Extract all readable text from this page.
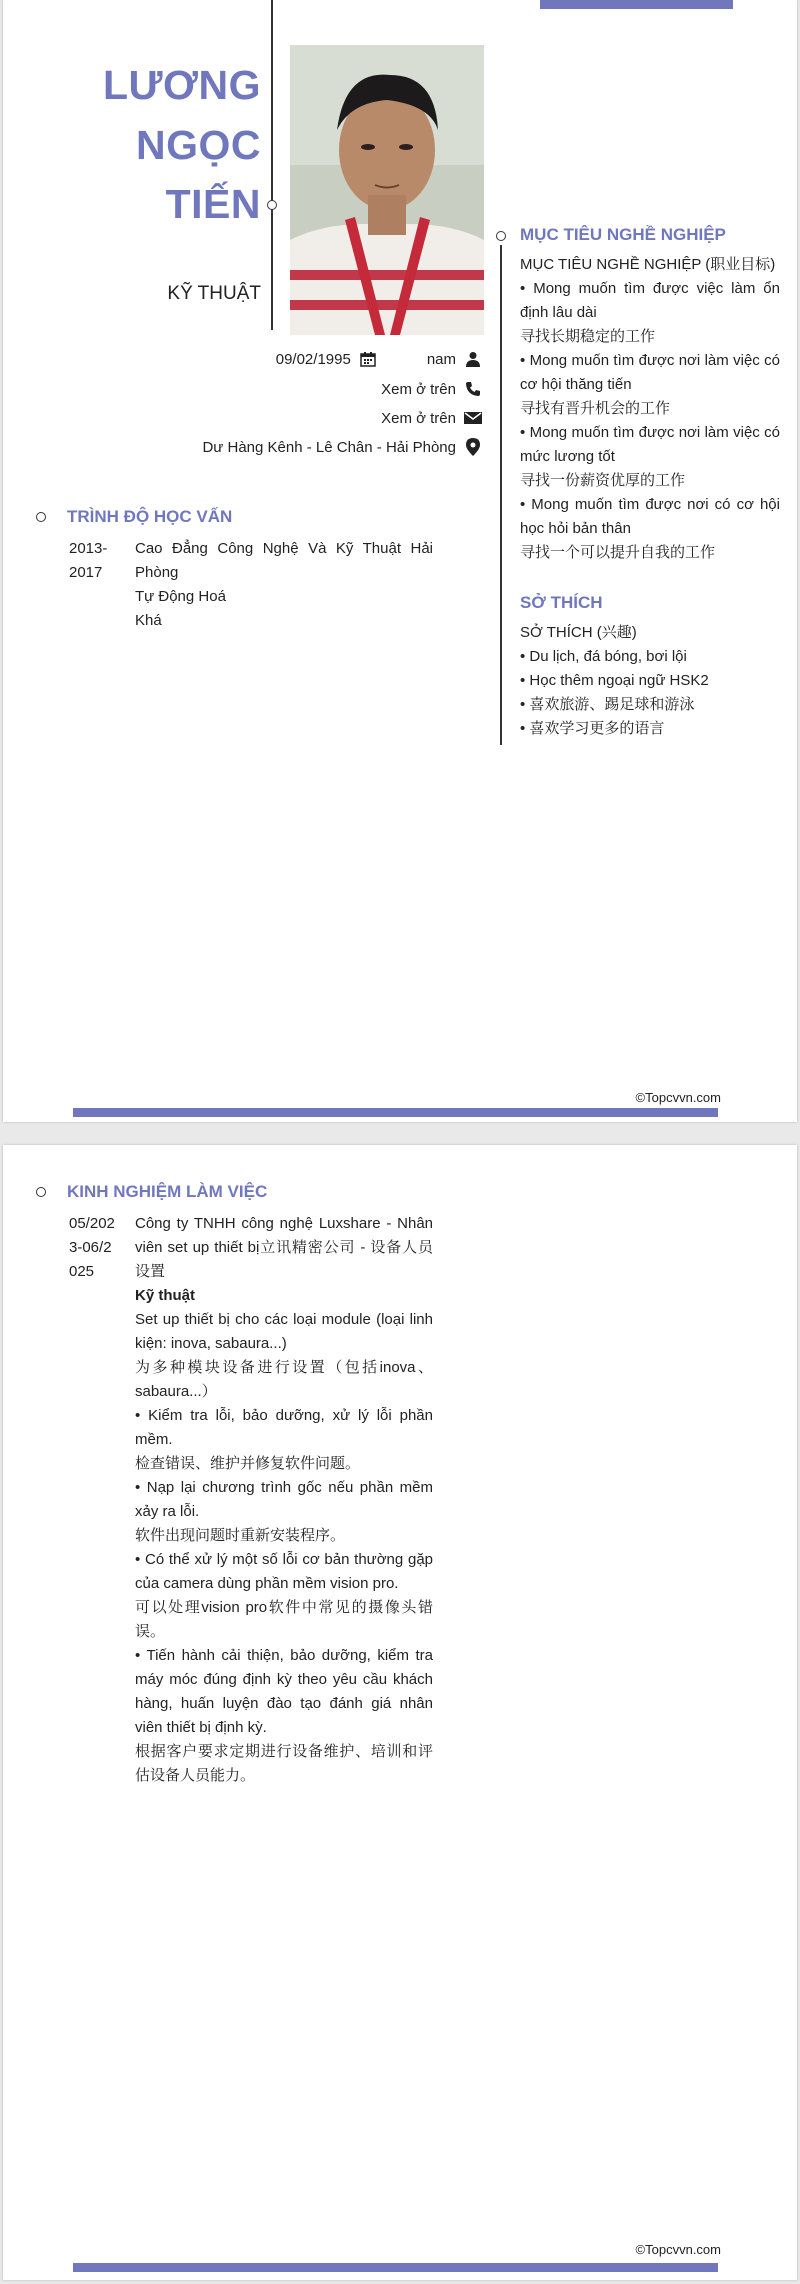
LƯƠNG
NGỌC
TIẾN
KỸ THUẬT
09/02/1995	nam
Xem ở trên
Xem ở trên
Dư Hàng Kênh - Lê Chân - Hải Phòng
TRÌNH ĐỘ HỌC VẤN
2013-2017
Cao Đẳng Công Nghệ Và Kỹ Thuật Hải Phòng
Tự Động Hoá
Khá
MỤC TIÊU NGHỀ NGHIỆP
MỤC TIÊU NGHỀ NGHIỆP (职业目标)
• Mong muốn tìm được việc làm ổn định lâu dài
寻找长期稳定的工作
• Mong muốn tìm được nơi làm việc có cơ hội thăng tiến
寻找有晋升机会的工作
• Mong muốn tìm được nơi làm việc có mức lương tốt
寻找一份薪资优厚的工作
• Mong muốn tìm được nơi có cơ hội học hỏi bản thân
寻找一个可以提升自我的工作
SỞ THÍCH
SỞ THÍCH (兴趣)
• Du lịch, đá bóng, bơi lội
• Học thêm ngoại ngữ HSK2
• 喜欢旅游、踢足球和游泳
• 喜欢学习更多的语言
©Topcvvn.com
KINH NGHIỆM LÀM VIỆC
05/2023-06/2025
Công ty TNHH công nghệ Luxshare - Nhân viên set up thiết bị立讯精密公司 - 设备人员设置
Kỹ thuật
Set up thiết bị cho các loại module (loại linh kiện: inova, sabaura...)
为多种模块设备进行设置（包括inova、sabaura...）
• Kiểm tra lỗi, bảo dưỡng, xử lý lỗi phần mềm.
检查错误、维护并修复软件问题。
• Nạp lại chương trình gốc nếu phần mềm xảy ra lỗi.
软件出现问题时重新安装程序。
• Có thể xử lý một số lỗi cơ bản thường gặp của camera dùng phần mềm vision pro.
可以处理vision pro软件中常见的摄像头错误。
• Tiến hành cải thiện, bảo dưỡng, kiểm tra máy móc đúng định kỳ theo yêu cầu khách hàng, huấn luyện đào tạo đánh giá nhân viên thiết bị định kỳ.
根据客户要求定期进行设备维护、培训和评估设备人员能力。
©Topcvvn.com
